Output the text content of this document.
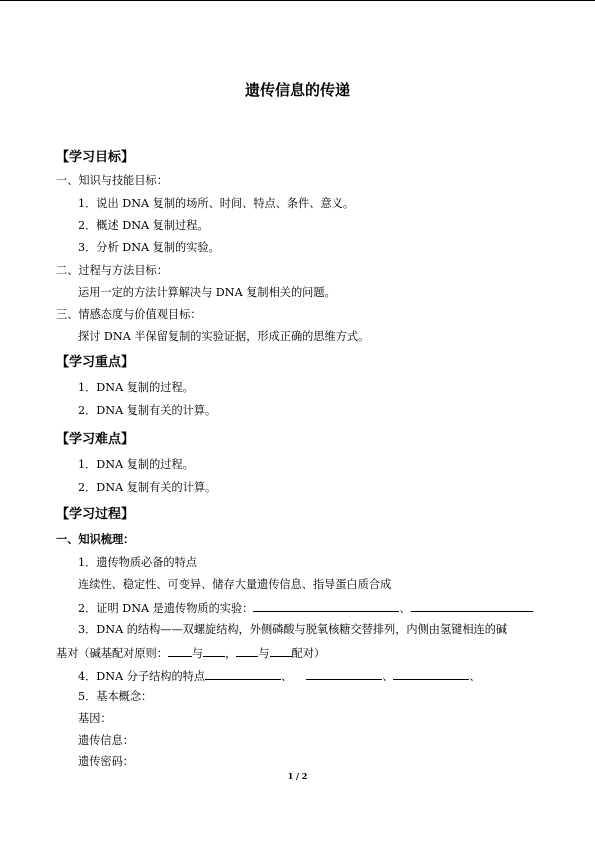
遗传信息的传递
【学习目标】
一、知识与技能目标：
1．说出 DNA 复制的场所、时间、特点、条件、意义。
2．概述 DNA 复制过程。
3．分析 DNA 复制的实验。
二、过程与方法目标：
运用一定的方法计算解决与 DNA 复制相关的问题。
三、情感态度与价值观目标：
探讨 DNA 半保留复制的实验证据，形成正确的思维方式。
【学习重点】
1．DNA 复制的过程。
2．DNA 复制有关的计算。
【学习难点】
1．DNA 复制的过程。
2．DNA 复制有关的计算。
【学习过程】
一、知识梳理：
1．遗传物质必备的特点
连续性、稳定性、可变异、储存大量遗传信息、指导蛋白质合成
2．证明 DNA 是遗传物质的实验：	、
3．DNA 的结构——双螺旋结构，外侧磷酸与脱氧核糖交替排列，内侧由氢键相连的碱
基对（碱基配对原则： 与 ， 与 配对）
4．DNA 分子结构的特点	、	、	、
5．基本概念：
基因：
遗传信息：
遗传密码：
1 / 2
